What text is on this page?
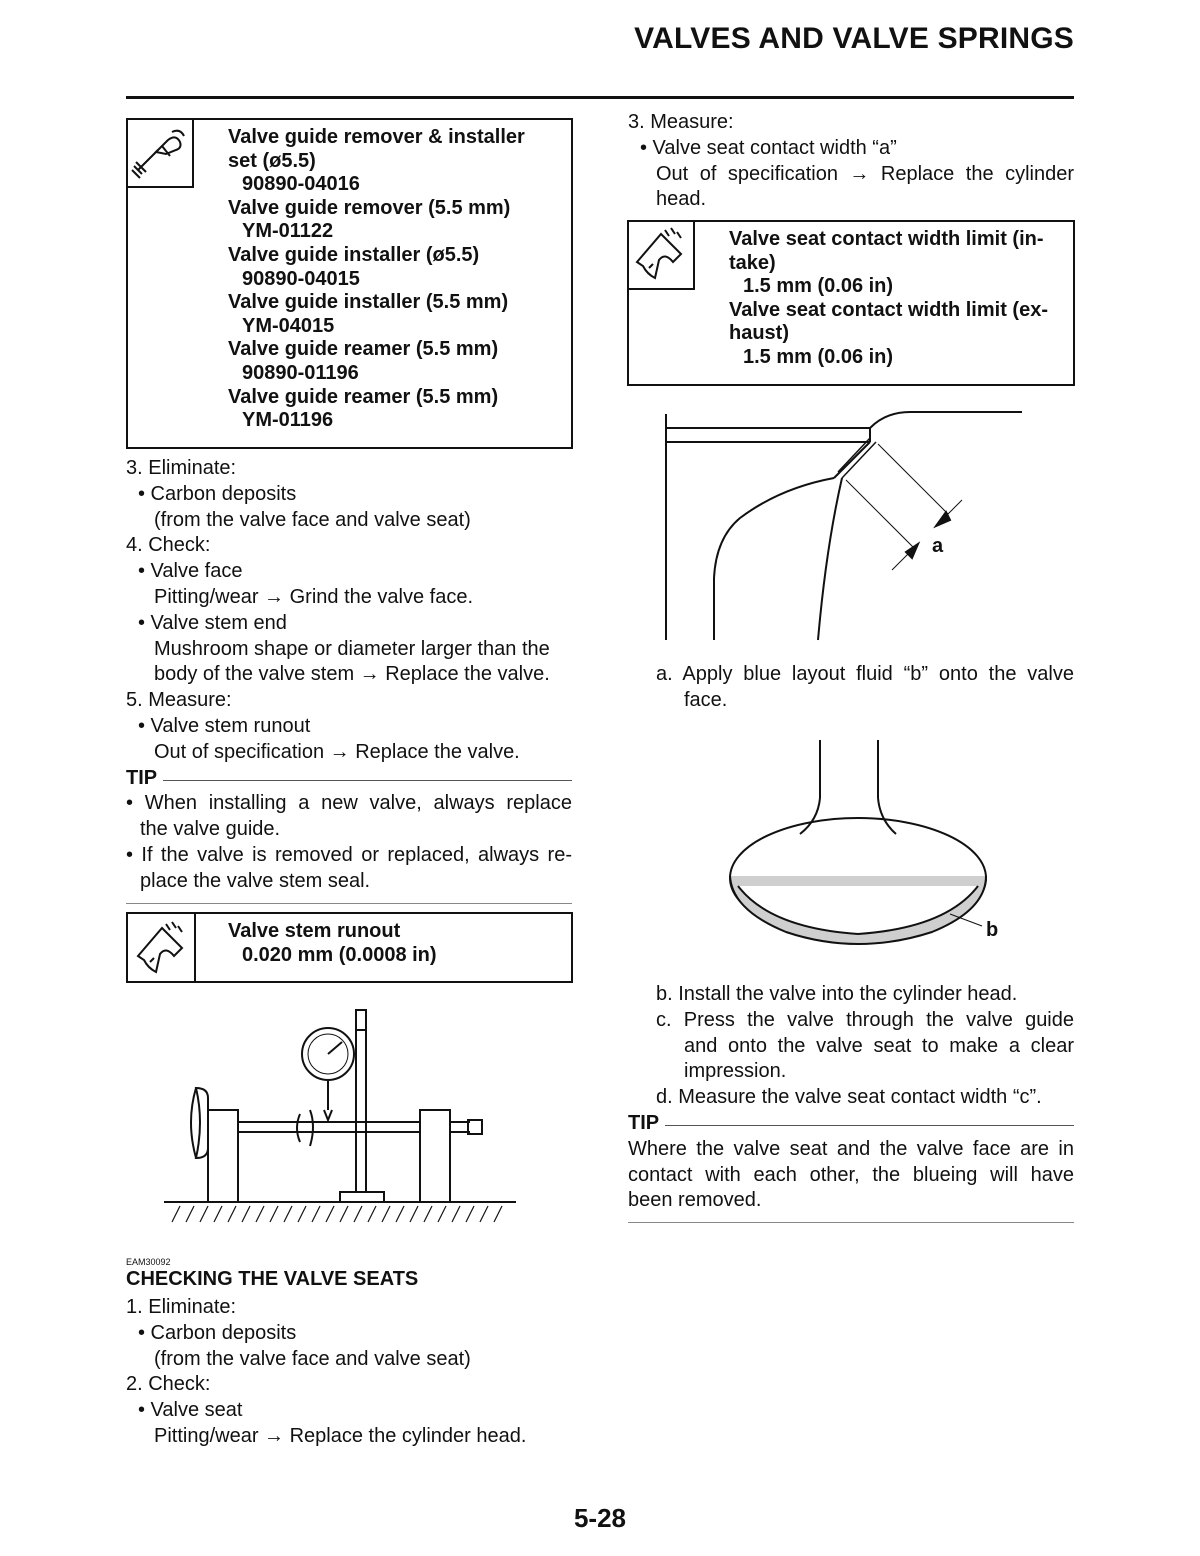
VALVES AND VALVE SPRINGS
Valve guide remover & installer
set (ø5.5)
90890-04016
Valve guide remover (5.5 mm)
YM-01122
Valve guide installer (ø5.5)
90890-04015
Valve guide installer (5.5 mm)
YM-04015
Valve guide reamer (5.5 mm)
90890-01196
Valve guide reamer (5.5 mm)
YM-01196
3. Eliminate:
• Carbon deposits
(from the valve face and valve seat)
4. Check:
• Valve face
Pitting/wear → Grind the valve face.
• Valve stem end
Mushroom shape or diameter larger than the
body of the valve stem → Replace the valve.
5. Measure:
• Valve stem runout
Out of specification → Replace the valve.
TIP
• When installing a new valve, always replace
the valve guide.
• If the valve is removed or replaced, always re-
place the valve stem seal.
Valve stem runout
0.020 mm (0.0008 in)
EAM30092
CHECKING THE VALVE SEATS
1. Eliminate:
• Carbon deposits
(from the valve face and valve seat)
2. Check:
• Valve seat
Pitting/wear → Replace the cylinder head.
3. Measure:
• Valve seat contact width “a”
Out of specification → Replace the cylinder
head.
Valve seat contact width limit (in-
take)
1.5 mm (0.06 in)
Valve seat contact width limit (ex-
haust)
1.5 mm (0.06 in)
a
a. Apply blue layout fluid “b” onto the valve
face.
b
b. Install the valve into the cylinder head.
c. Press the valve through the valve guide
and onto the valve seat to make a clear
impression.
d. Measure the valve seat contact width “c”.
TIP
Where the valve seat and the valve face are in
contact with each other, the blueing will have
been removed.
5-28
